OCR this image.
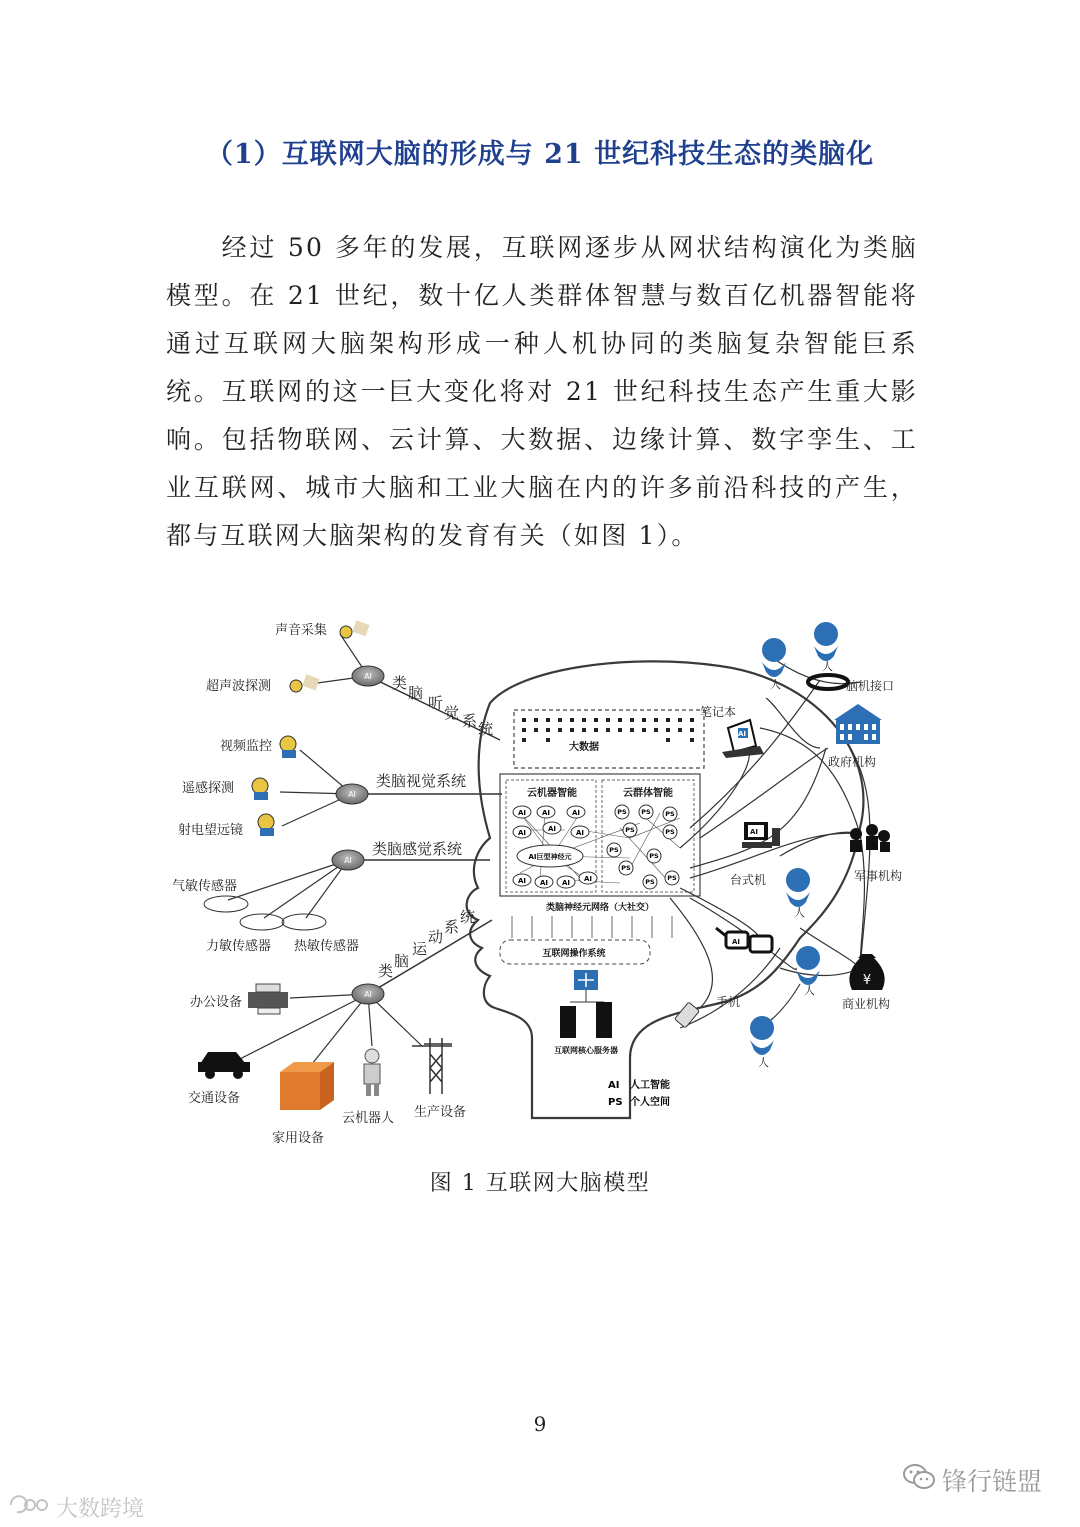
（1）互联网大脑的形成与 21 世纪科技生态的类脑化
　　经过 50 多年的发展，互联网逐步从网状结构演化为类脑模型。在 21 世纪，数十亿人类群体智慧与数百亿机器智能将通过互联网大脑架构形成一种人机协同的类脑复杂智能巨系统。互联网的这一巨大变化将对 21 世纪科技生态产生重大影响。包括物联网、云计算、大数据、边缘计算、数字孪生、工业互联网、城市大脑和工业大脑在内的许多前沿科技的产生，都与互联网大脑架构的发育有关（如图 1）。
大数据
云机器智能	云群体智能
AI AI	AI
AI	AI	AI
AI AI AI AI
AI巨型神经元
PS PS PS
PS	PS
PS
PS
PS
PS PS
类脑神经元网络（大社交）
互联网操作系统
互联网核心服务器
AI 人工智能
PS 个人空间
AI
声音采集
超声波探测	类
脑
听
觉 系 统
AI
视频监控
遥感探测
射电望远镜
类脑视觉系统
AI
气敏传感器
力敏传感器 热敏传感器
类脑感觉系统
AI
办公设备
交通设备
家用设备
云机器人 生产设备
类
脑
运
动
系
统
人
人
人
人
人
脑机接口
笔记本
政府机构
台式机	军事机构
¥
商业机构
手机
AI
AI
AI
图 1 互联网大脑模型
9
大数跨境
锋行链盟
